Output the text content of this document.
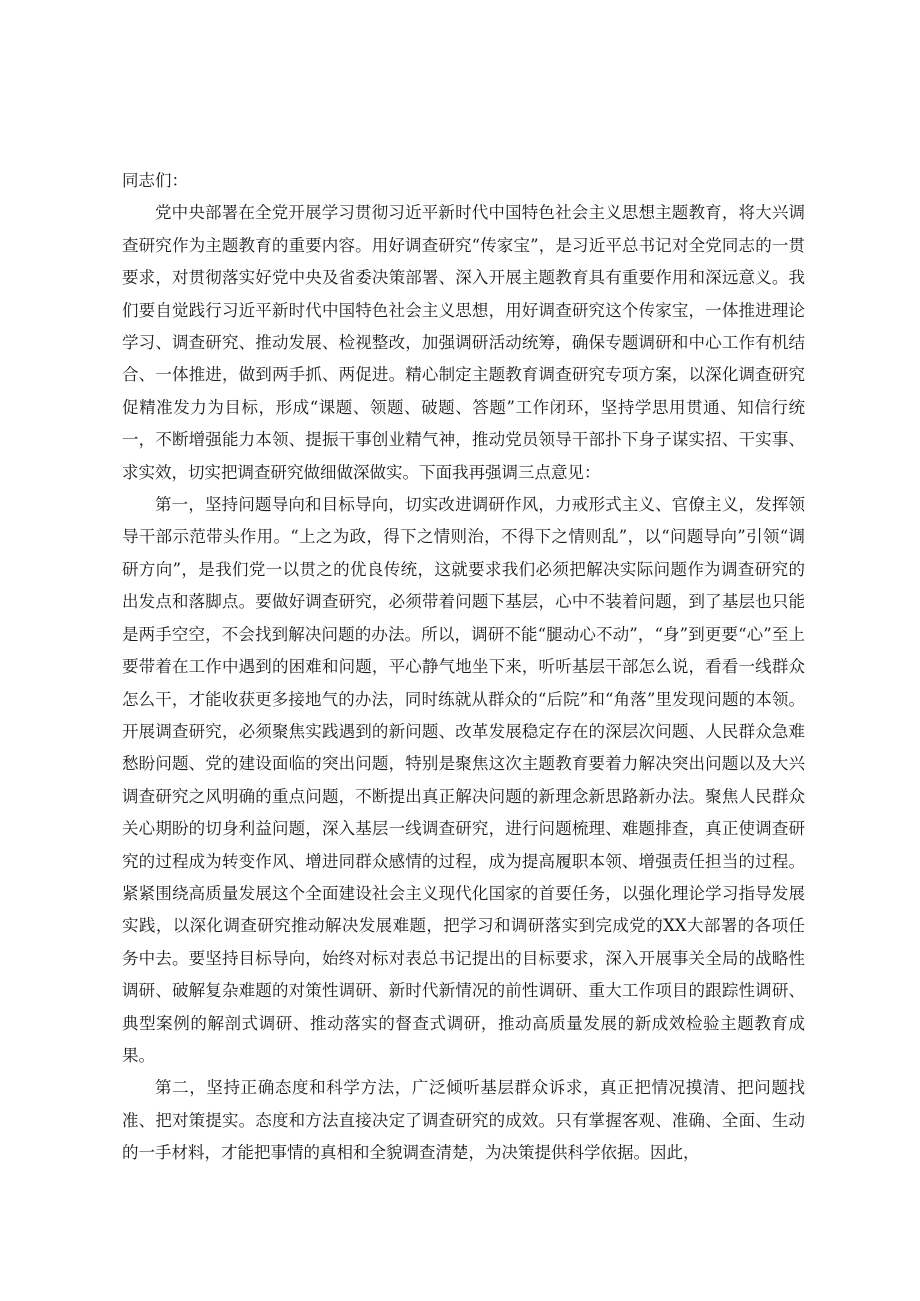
同志们：

党中央部署在全党开展学习贯彻习近平新时代中国特色社会主义思想主题教育，将大兴调查研究作为主题教育的重要内容。用好调查研究“传家宝”，是习近平总书记对全党同志的一贯要求，对贯彻落实好党中央及省委决策部署、深入开展主题教育具有重要作用和深远意义。我们要自觉践行习近平新时代中国特色社会主义思想，用好调查研究这个传家宝，一体推进理论学习、调查研究、推动发展、检视整改，加强调研活动统筹，确保专题调研和中心工作有机结合、一体推进，做到两手抓、两促进。精心制定主题教育调查研究专项方案，以深化调查研究促精准发力为目标，形成“课题、领题、破题、答题”工作闭环，坚持学思用贯通、知信行统一，不断增强能力本领、提振干事创业精气神，推动党员领导干部扑下身子谋实招、干实事、求实效，切实把调查研究做细做深做实。下面我再强调三点意见：

第一，坚持问题导向和目标导向，切实改进调研作风，力戒形式主义、官僚主义，发挥领导干部示范带头作用。“上之为政，得下之情则治，不得下之情则乱”，以“问题导向”引领“调研方向”，是我们党一以贯之的优良传统，这就要求我们必须把解决实际问题作为调查研究的出发点和落脚点。要做好调查研究，必须带着问题下基层，心中不装着问题，到了基层也只能是两手空空，不会找到解决问题的办法。所以，调研不能“腿动心不动”，“身”到更要“心”至上要带着在工作中遇到的困难和问题，平心静气地坐下来，听听基层干部怎么说，看看一线群众怎么干，才能收获更多接地气的办法，同时练就从群众的“后院”和“角落”里发现问题的本领。开展调查研究，必须聚焦实践遇到的新问题、改革发展稳定存在的深层次问题、人民群众急难愁盼问题、党的建设面临的突出问题，特别是聚焦这次主题教育要着力解决突出问题以及大兴调查研究之风明确的重点问题，不断提出真正解决问题的新理念新思路新办法。聚焦人民群众关心期盼的切身利益问题，深入基层一线调查研究，进行问题梳理、难题排查，真正使调查研究的过程成为转变作风、增进同群众感情的过程，成为提高履职本领、增强责任担当的过程。紧紧围绕高质量发展这个全面建设社会主义现代化国家的首要任务，以强化理论学习指导发展实践，以深化调查研究推动解决发展难题，把学习和调研落实到完成党的XX大部署的各项任务中去。要坚持目标导向，始终对标对表总书记提出的目标要求，深入开展事关全局的战略性调研、破解复杂难题的对策性调研、新时代新情况的前性调研、重大工作项目的跟踪性调研、典型案例的解剖式调研、推动落实的督查式调研，推动高质量发展的新成效检验主题教育成果。

第二，坚持正确态度和科学方法，广泛倾听基层群众诉求，真正把情况摸清、把问题找准、把对策提实。态度和方法直接决定了调查研究的成效。只有掌握客观、准确、全面、生动的一手材料，才能把事情的真相和全貌调查清楚，为决策提供科学依据。因此，
